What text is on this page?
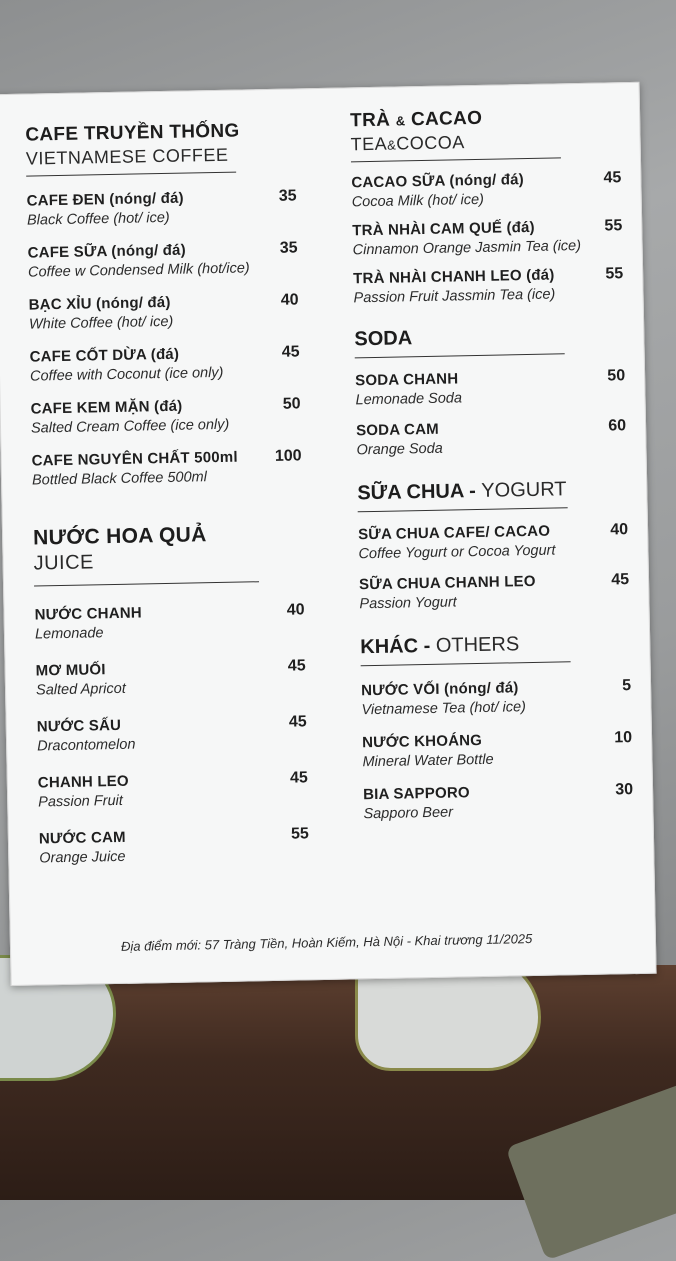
CAFE TRUYỀN THỐNG
VIETNAMESE COFFEE
CAFE ĐEN (nóng/ đá)
Black Coffee (hot/ ice)
35
CAFE SỮA (nóng/ đá)
Coffee w Condensed Milk (hot/ice)
35
BẠC XỈU (nóng/ đá)
White Coffee (hot/ ice)
40
CAFE CỐT DỪA (đá)
Coffee with Coconut (ice only)
45
CAFE KEM MẶN (đá)
Salted Cream Coffee (ice only)
50
CAFE NGUYÊN CHẤT 500ml
Bottled Black Coffee 500ml
100
NƯỚC HOA QUẢ
JUICE
NƯỚC CHANH
Lemonade
40
MƠ MUỐI
Salted Apricot
45
NƯỚC SẤU
Dracontomelon
45
CHANH LEO
Passion Fruit
45
NƯỚC CAM
Orange Juice
55
TRÀ & CACAO
TEA&COCOA
CACAO SỮA (nóng/ đá)
Cocoa Milk (hot/ ice)
45
TRÀ NHÀI CAM QUẾ (đá)
Cinnamon Orange Jasmin Tea (ice)
55
TRÀ NHÀI CHANH LEO (đá)
Passion Fruit Jassmin Tea (ice)
55
SODA
SODA CHANH
Lemonade Soda
50
SODA CAM
Orange Soda
60
SỮA CHUA - YOGURT
SỮA CHUA CAFE/ CACAO
Coffee Yogurt or Cocoa Yogurt
40
SỮA CHUA CHANH LEO
Passion Yogurt
45
KHÁC - OTHERS
NƯỚC VỐI (nóng/ đá)
Vietnamese Tea (hot/ ice)
5
NƯỚC KHOÁNG
Mineral Water Bottle
10
BIA SAPPORO
Sapporo Beer
30
Địa điểm mới: 57 Tràng Tiền, Hoàn Kiếm, Hà Nội - Khai trương 11/2025
